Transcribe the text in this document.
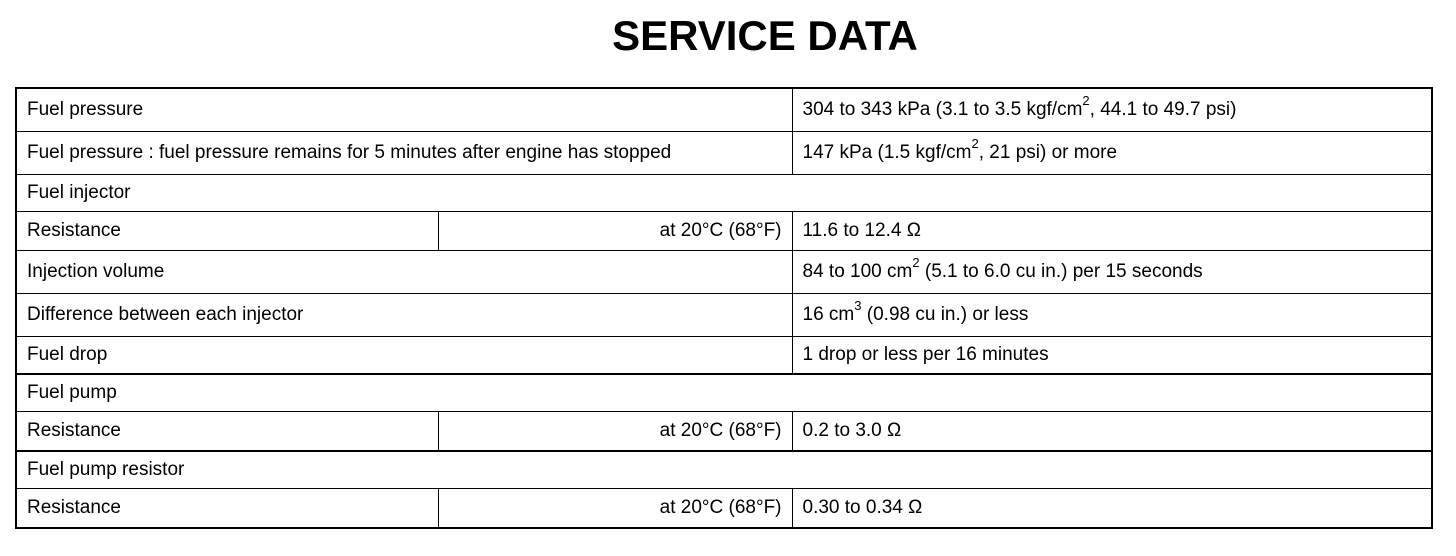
SERVICE DATA
Fuel pressure		304 to 343 kPa (3.1 to 3.5 kgf/$cm^2$, 44.1 to 49.7 psi)
Fuel pressure : fuel pressure remains for 5 minutes after engine has stopped		147 kPa (1.5 kgf/$cm^2$, 21 psi) or more
Fuel injector		
Resistance	at 20°C (68°F)	11.6 to 12.4 Ω
Injection volume		84 to 100 $cm^2$ (5.1 to 6.0 cu in.) per 15 seconds
Difference between each injector		16 $cm^3$ (0.98 cu in.) or less
Fuel drop		1 drop or less per 16 minutes
Fuel pump		
Resistance	at 20°C (68°F)	0.2 to 3.0 Ω
Fuel pump resistor		
Resistance	at 20°C (68°F)	0.30 to 0.34 Ω
